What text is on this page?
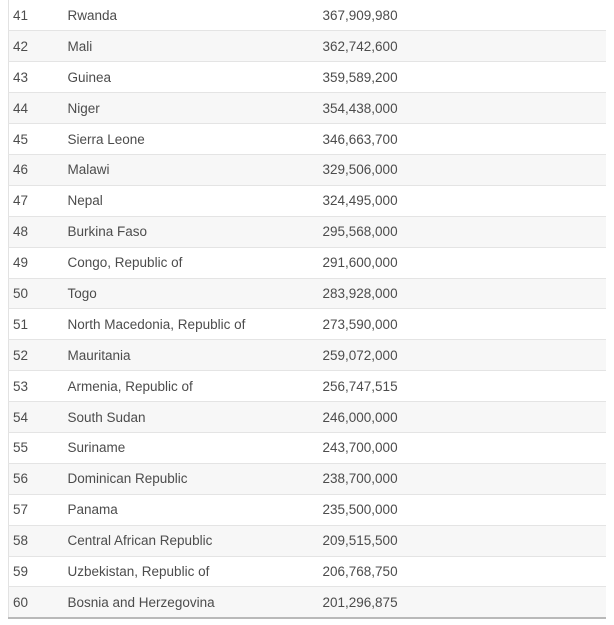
41	Rwanda	367,909,980
42	Mali	362,742,600
43	Guinea	359,589,200
44	Niger	354,438,000
45	Sierra Leone	346,663,700
46	Malawi	329,506,000
47	Nepal	324,495,000
48	Burkina Faso	295,568,000
49	Congo, Republic of	291,600,000
50	Togo	283,928,000
51	North Macedonia, Republic of	273,590,000
52	Mauritania	259,072,000
53	Armenia, Republic of	256,747,515
54	South Sudan	246,000,000
55	Suriname	243,700,000
56	Dominican Republic	238,700,000
57	Panama	235,500,000
58	Central African Republic	209,515,500
59	Uzbekistan, Republic of	206,768,750
60	Bosnia and Herzegovina	201,296,875
